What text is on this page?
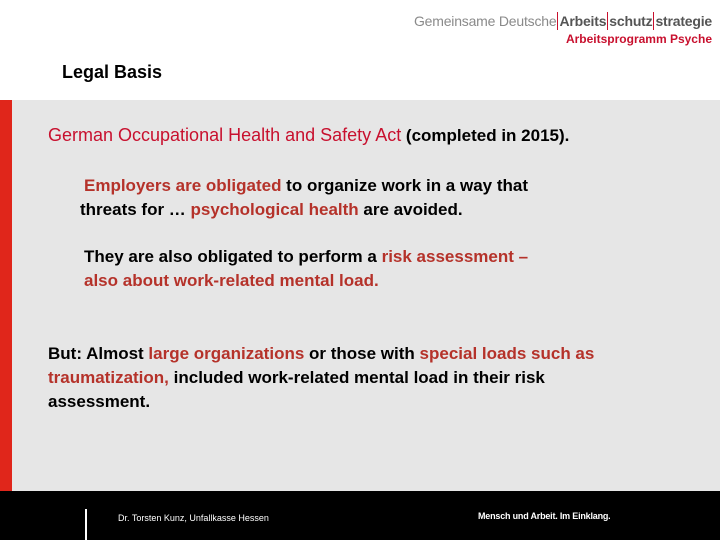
Gemeinsame Deutsche Arbeits schutz strategie
Arbeitsprogramm Psyche
Legal Basis
German Occupational Health and Safety Act (completed in 2015).
Employers are obligated to organize work in a way that
threats for … psychological health are avoided.
They are also obligated to perform a risk assessment –
also about work-related mental load.
But: Almost large organizations or those with special loads such as
traumatization, included work-related mental load in their risk
assessment.
Dr. Torsten Kunz, Unfallkasse Hessen	Mensch und Arbeit. Im Einklang.
